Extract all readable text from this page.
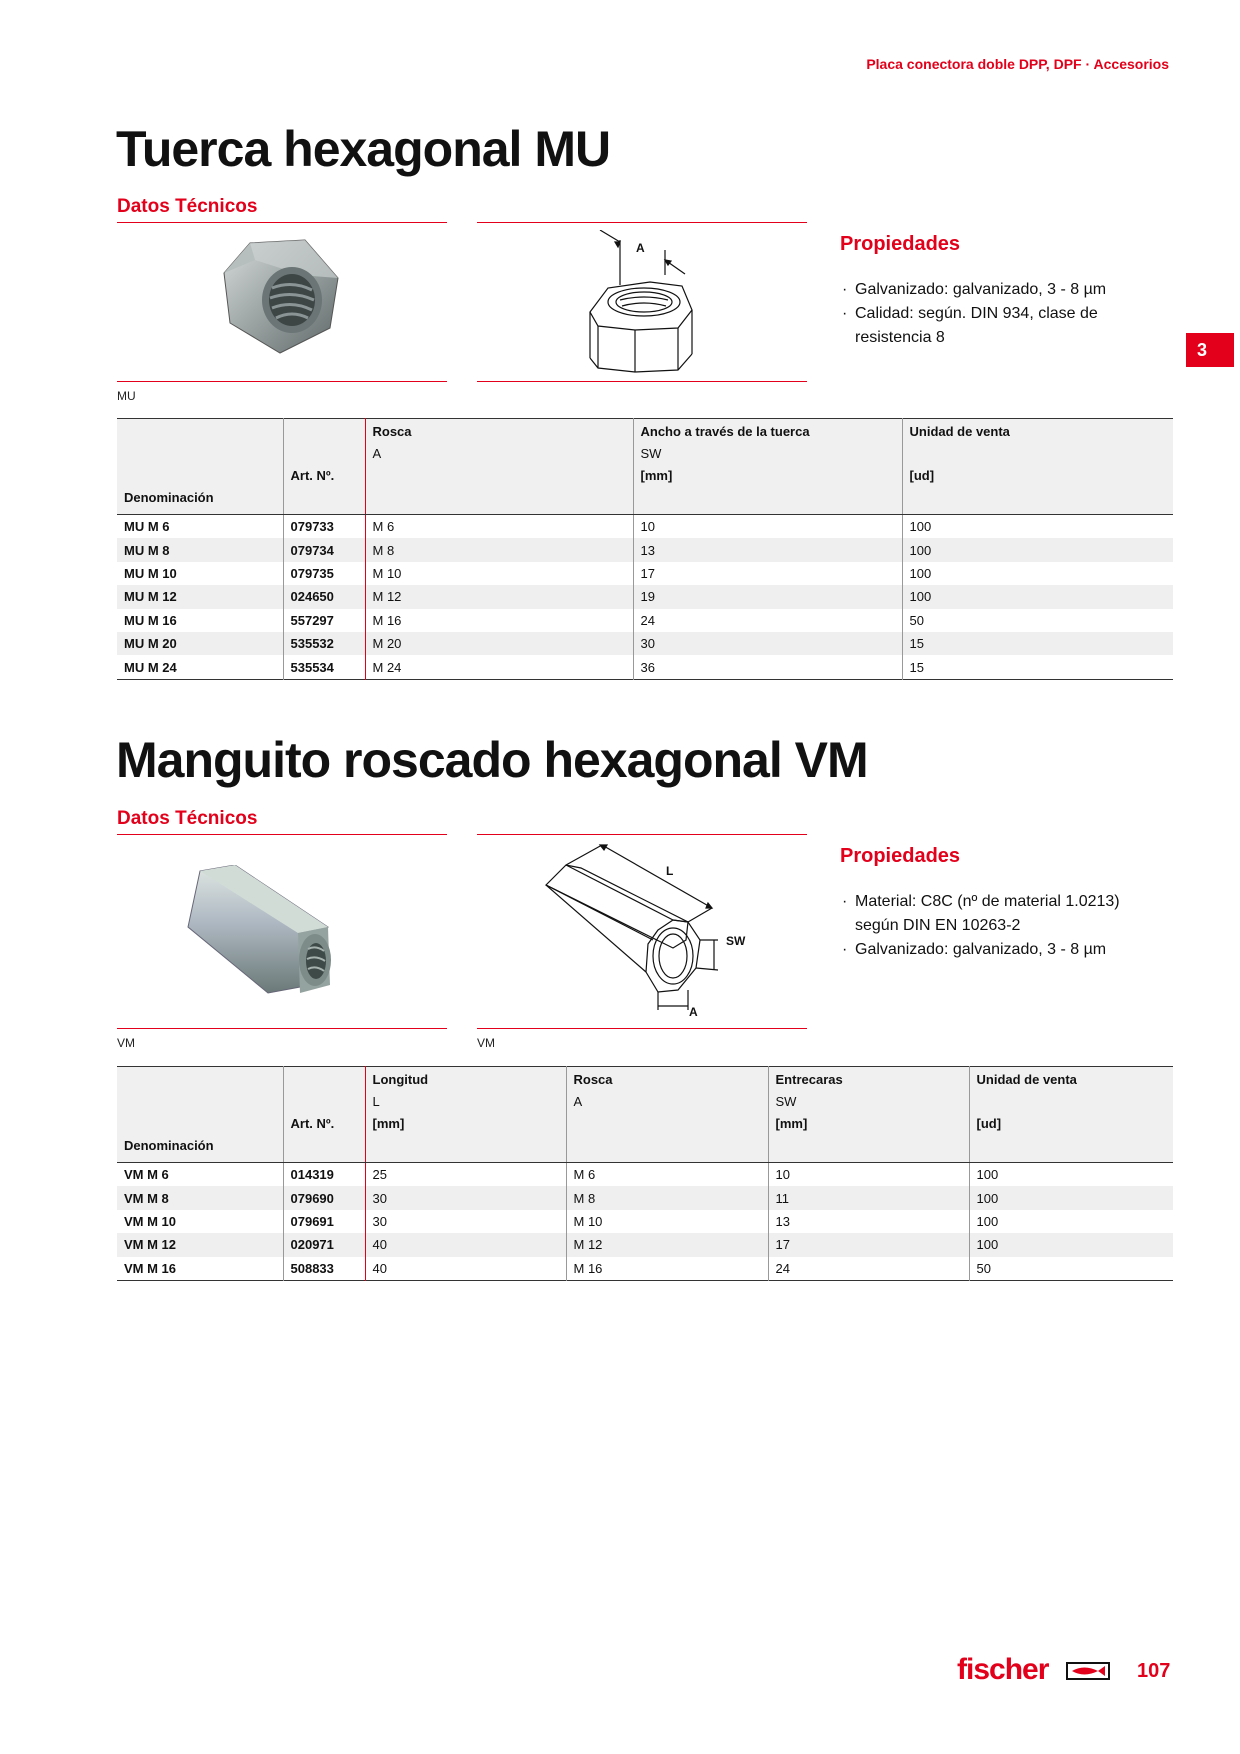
Placa conectora doble DPP, DPF · Accesorios
3
Tuerca hexagonal MU
Datos Técnicos
A	Propiedades
· Galvanizado: galvanizado, 3 - 8 µm
· Calidad: según. DIN 934, clase de resistencia 8
MU
		Rosca	Ancho a través de la tuerca	Unidad de venta
		A	SW	
	Art. Nº.		[mm]	[ud]
Denominación				
MU M 6	079733	M 6	10	100
MU M 8	079734	M 8	13	100
MU M 10	079735	M 10	17	100
MU M 12	024650	M 12	19	100
MU M 16	557297	M 16	24	50
MU M 20	535532	M 20	30	15
MU M 24	535534	M 24	36	15
Manguito roscado hexagonal VM
Datos Técnicos
L
SW
A
Propiedades
· Material: C8C (nº de material 1.0213) según DIN EN 10263-2
· Galvanizado: galvanizado, 3 - 8 µm
VM	VM
		Longitud	Rosca	Entrecaras	Unidad de venta
		L	A	SW	
	Art. Nº.	[mm]		[mm]	[ud]
Denominación					
VM M 6	014319	25	M 6	10	100
VM M 8	079690	30	M 8	11	100
VM M 10	079691	30	M 10	13	100
VM M 12	020971	40	M 12	17	100
VM M 16	508833	40	M 16	24	50
fischer	107
